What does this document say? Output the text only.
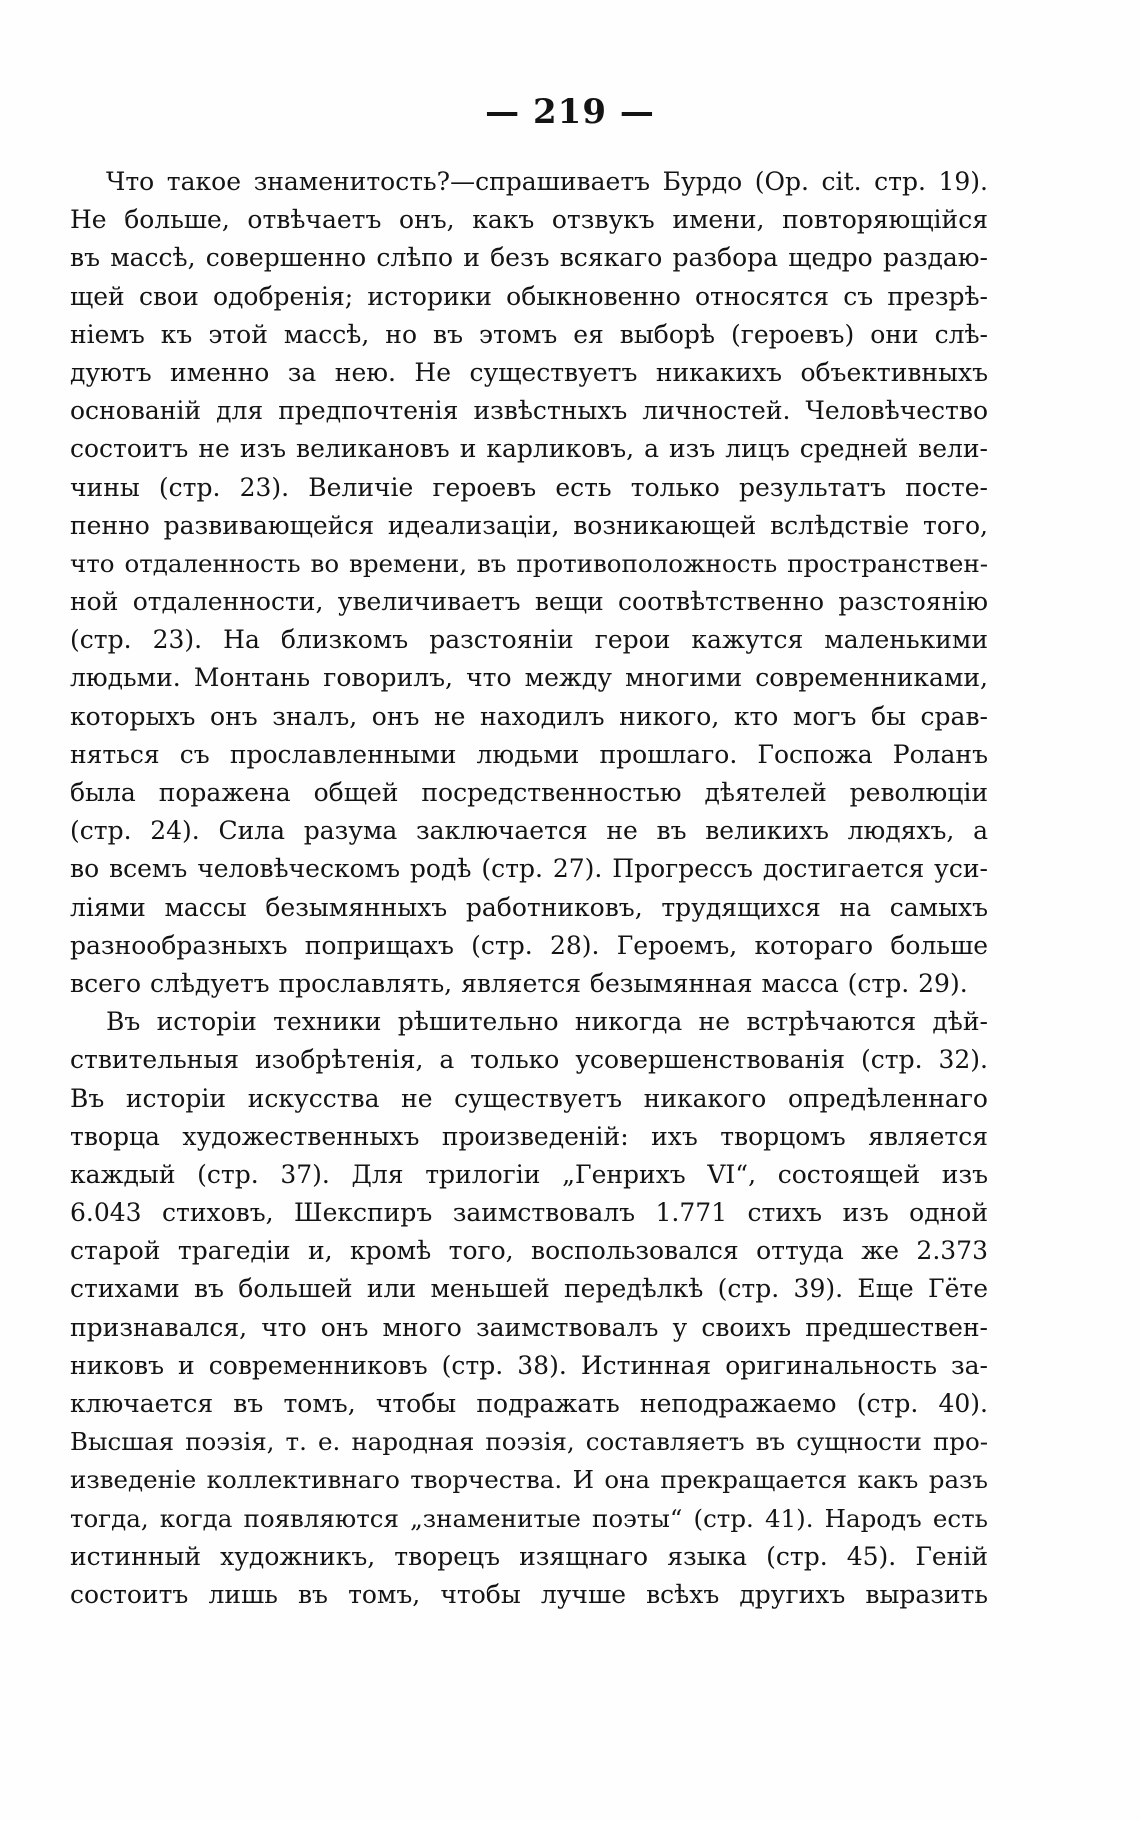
— 219 —
Что такое знаменитость?—спрашиваетъ Бурдо (Op. cit. стр. 19).
Не больше, отвѣчаетъ онъ, какъ отзвукъ имени, повторяющійся
въ массѣ, совершенно слѣпо и безъ всякаго разбора щедро раздаю-
щей свои одобренія; историки обыкновенно относятся съ презрѣ-
ніемъ къ этой массѣ, но въ этомъ ея выборѣ (героевъ) они слѣ-
дуютъ именно за нею. Не существуетъ никакихъ объективныхъ
основаній для предпочтенія извѣстныхъ личностей. Человѣчество
состоитъ не изъ великановъ и карликовъ, а изъ лицъ средней вели-
чины (стр. 23). Величіе героевъ есть только результатъ посте-
пенно развивающейся идеализаціи, возникающей вслѣдствіе того,
что отдаленность во времени, въ противоположность пространствен-
ной отдаленности, увеличиваетъ вещи соотвѣтственно разстоянію
(стр. 23). На близкомъ разстояніи герои кажутся маленькими
людьми. Монтань говорилъ, что между многими современниками,
которыхъ онъ зналъ, онъ не находилъ никого, кто могъ бы срав-
няться съ прославленными людьми прошлаго. Госпожа Роланъ
была поражена общей посредственностью дѣятелей революціи
(стр. 24). Сила разума заключается не въ великихъ людяхъ, а
во всемъ человѣческомъ родѣ (стр. 27). Прогрессъ достигается уси-
ліями массы безымянныхъ работниковъ, трудящихся на самыхъ
разнообразныхъ поприщахъ (стр. 28). Героемъ, котораго больше
всего слѣдуетъ прославлять, является безымянная масса (стр. 29).
Въ исторіи техники рѣшительно никогда не встрѣчаются дѣй-
ствительныя изобрѣтенія, а только усовершенствованія (стр. 32).
Въ исторіи искусства не существуетъ никакого опредѣленнаго
творца художественныхъ произведеній: ихъ творцомъ является
каждый (стр. 37). Для трилогіи „Генрихъ VI“, состоящей изъ
6.043 стиховъ, Шекспиръ заимствовалъ 1.771 стихъ изъ одной
старой трагедіи и, кромѣ того, воспользовался оттуда же 2.373
стихами въ большей или меньшей передѣлкѣ (стр. 39). Еще Гёте
признавался, что онъ много заимствовалъ у своихъ предшествен-
никовъ и современниковъ (стр. 38). Истинная оригинальность за-
ключается въ томъ, чтобы подражать неподражаемо (стр. 40).
Высшая поэзія, т. е. народная поэзія, составляетъ въ сущности про-
изведеніе коллективнаго творчества. И она прекращается какъ разъ
тогда, когда появляются „знаменитые поэты“ (стр. 41). Народъ есть
истинный художникъ, творецъ изящнаго языка (стр. 45). Геній
состоитъ лишь въ томъ, чтобы лучше всѣхъ другихъ выразить
